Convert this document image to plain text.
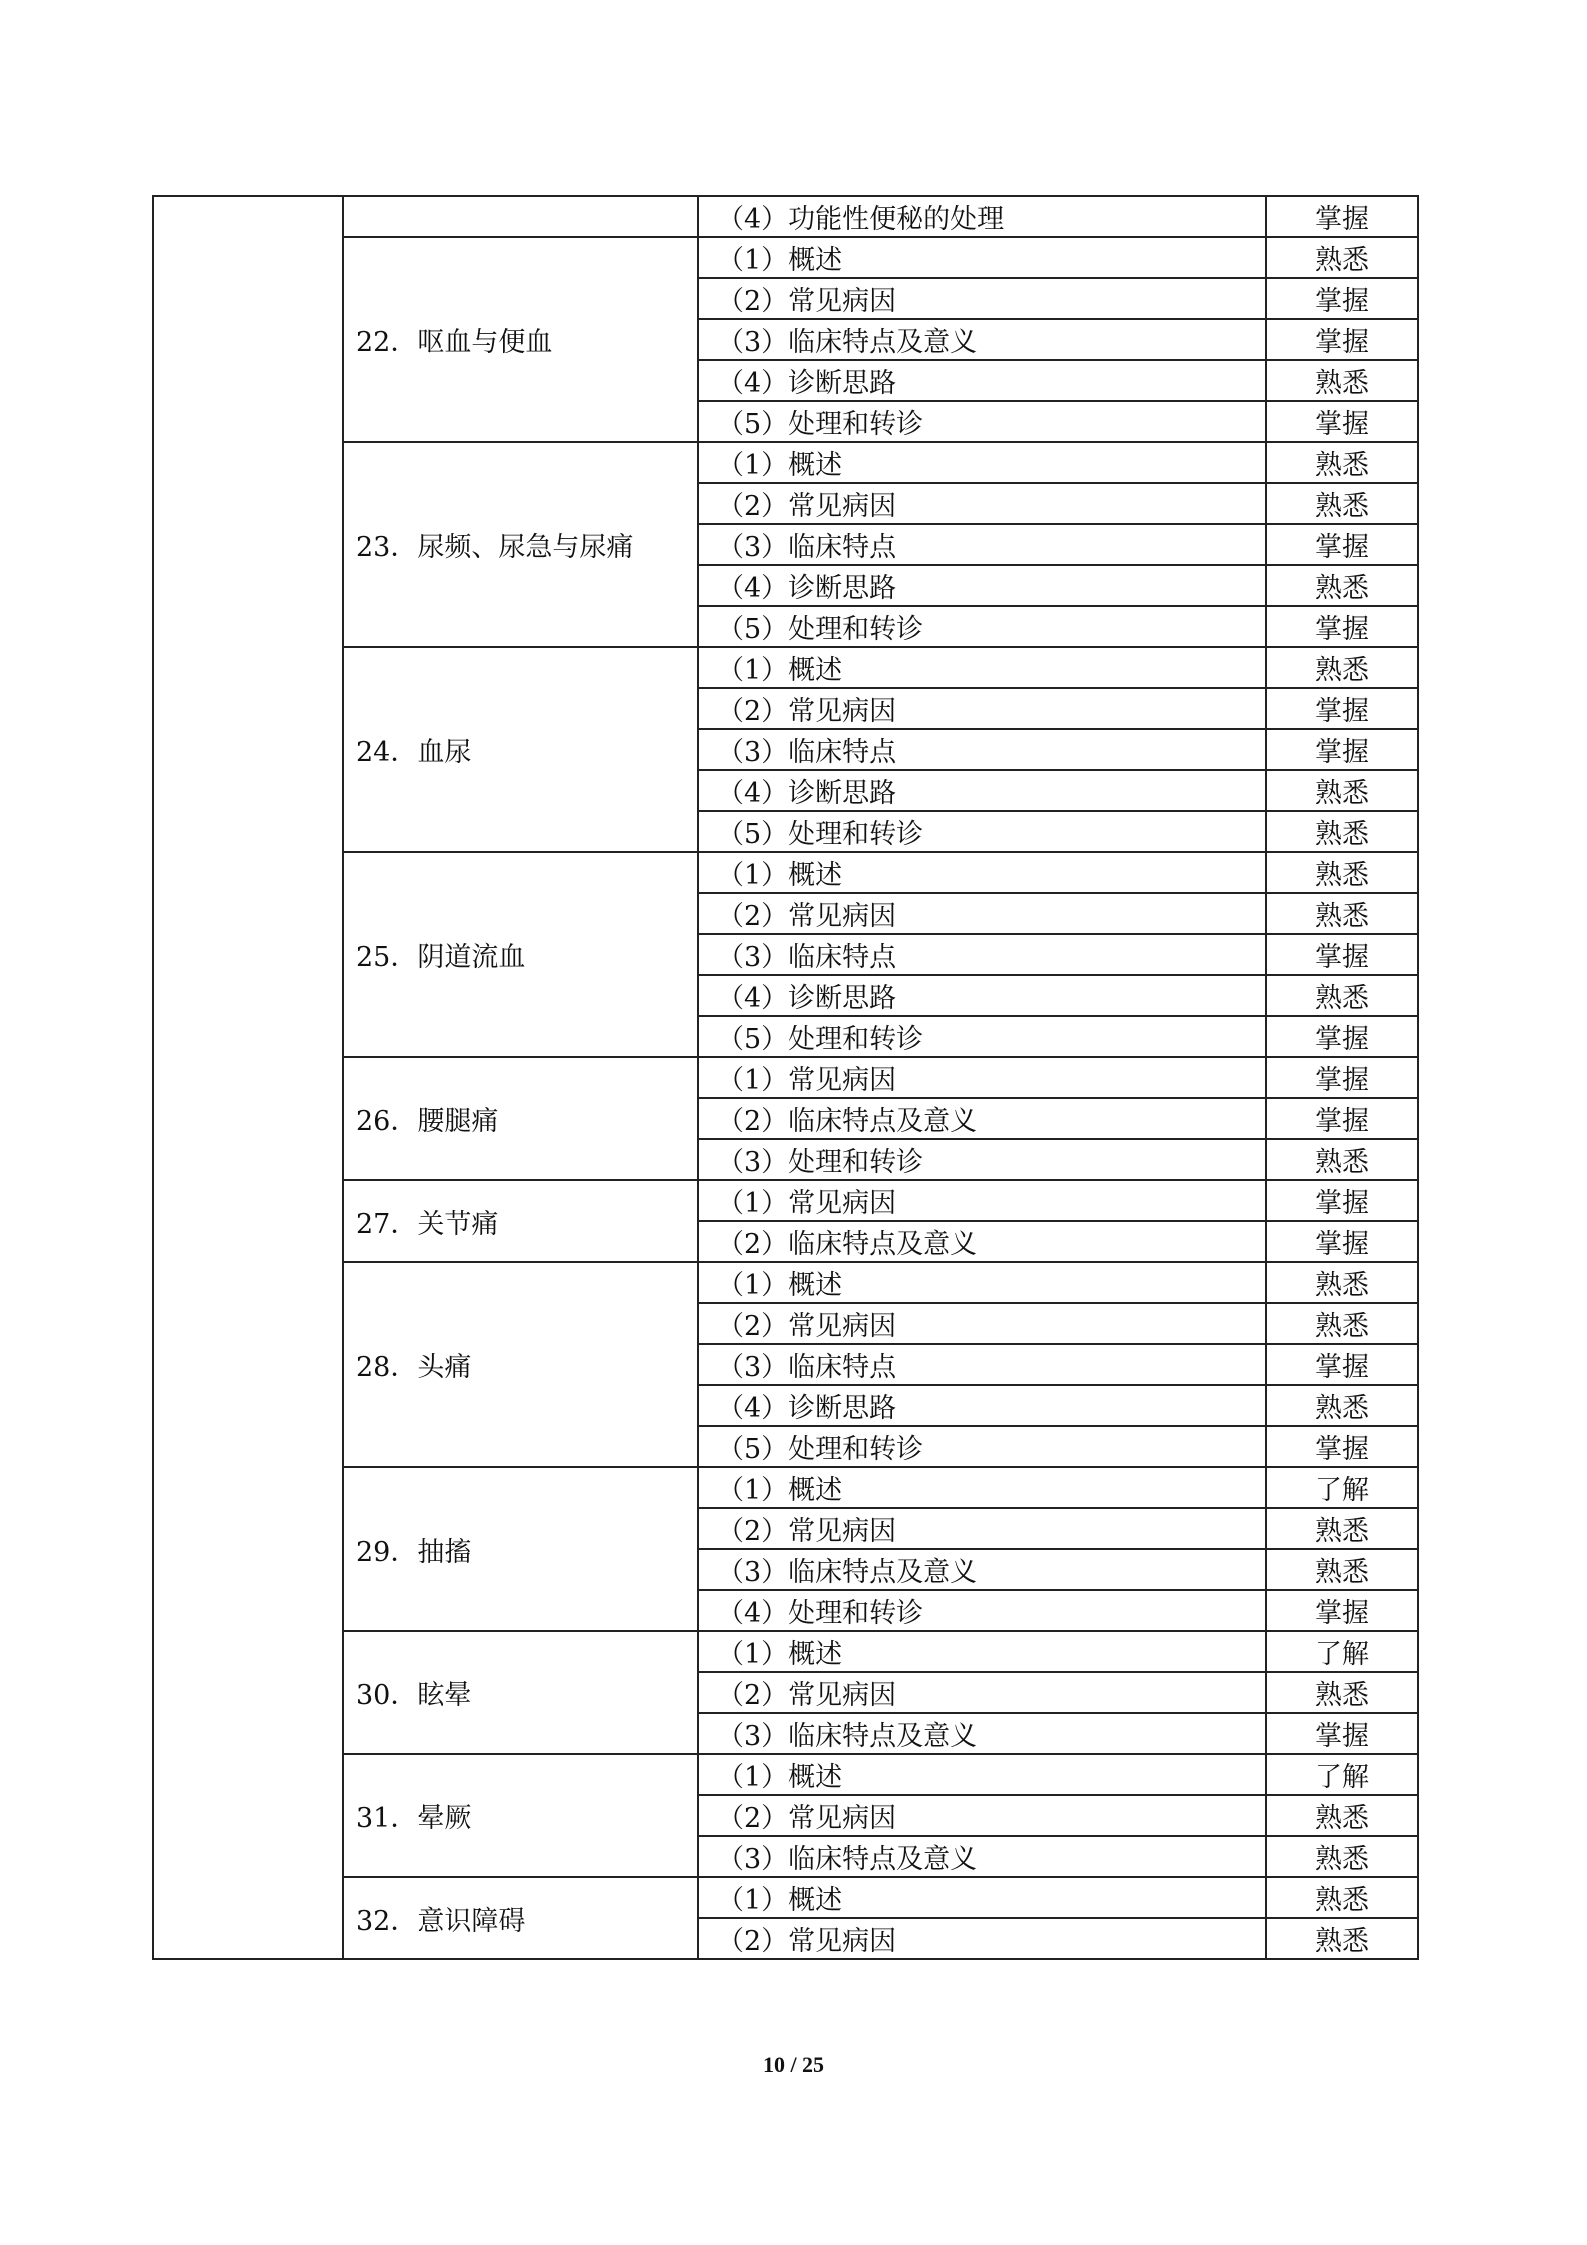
		（4）功能性便秘的处理	掌握
	22．呕血与便血	（1）概述	熟悉
		（2）常见病因	掌握
		（3）临床特点及意义	掌握
		（4）诊断思路	熟悉
		（5）处理和转诊	掌握
	23．尿频、尿急与尿痛	（1）概述	熟悉
		（2）常见病因	熟悉
		（3）临床特点	掌握
		（4）诊断思路	熟悉
		（5）处理和转诊	掌握
	24．血尿	（1）概述	熟悉
		（2）常见病因	掌握
		（3）临床特点	掌握
		（4）诊断思路	熟悉
		（5）处理和转诊	熟悉
	25．阴道流血	（1）概述	熟悉
		（2）常见病因	熟悉
		（3）临床特点	掌握
		（4）诊断思路	熟悉
		（5）处理和转诊	掌握
	26．腰腿痛	（1）常见病因	掌握
		（2）临床特点及意义	掌握
		（3）处理和转诊	熟悉
	27．关节痛	（1）常见病因	掌握
		（2）临床特点及意义	掌握
	28．头痛	（1）概述	熟悉
		（2）常见病因	熟悉
		（3）临床特点	掌握
		（4）诊断思路	熟悉
		（5）处理和转诊	掌握
	29．抽搐	（1）概述	了解
		（2）常见病因	熟悉
		（3）临床特点及意义	熟悉
		（4）处理和转诊	掌握
	30．眩晕	（1）概述	了解
		（2）常见病因	熟悉
		（3）临床特点及意义	掌握
	31．晕厥	（1）概述	了解
		（2）常见病因	熟悉
		（3）临床特点及意义	熟悉
	32．意识障碍	（1）概述	熟悉
		（2）常见病因	熟悉
10 / 25
